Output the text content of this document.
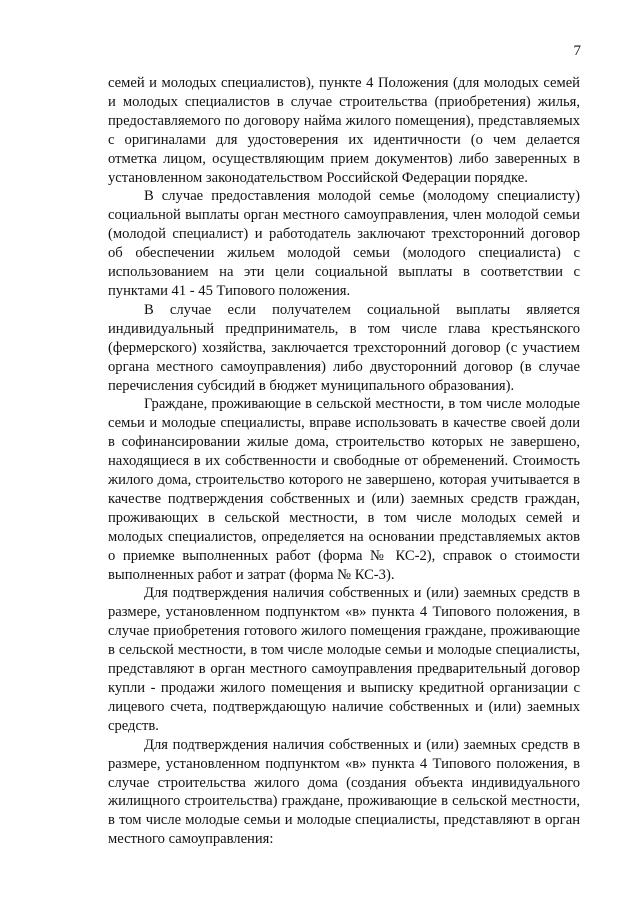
7

семей и молодых специалистов), пункте 4 Положения (для молодых семей и молодых специалистов в случае строительства (приобретения) жилья, предоставляемого по договору найма жилого помещения), представляемых с оригиналами для удостоверения их идентичности (о чем делается отметка лицом, осуществляющим прием документов) либо заверенных в установленном законодательством Российской Федерации порядке.

В случае предоставления молодой семье (молодому специалисту) социальной выплаты орган местного самоуправления, член молодой семьи (молодой специалист) и работодатель заключают трехсторонний договор об обеспечении жильем молодой семьи (молодого специалиста) с использованием на эти цели социальной выплаты в соответствии с пунктами 41 - 45 Типового положения.

В случае если получателем социальной выплаты является индивидуальный предприниматель, в том числе глава крестьянского (фермерского) хозяйства, заключается трехсторонний договор (с участием органа местного самоуправления) либо двусторонний договор (в случае перечисления субсидий в бюджет муниципального образования).

Граждане, проживающие в сельской местности, в том числе молодые семьи и молодые специалисты, вправе использовать в качестве своей доли в софинансировании жилые дома, строительство которых не завершено, находящиеся в их собственности и свободные от обременений. Стоимость жилого дома, строительство которого не завершено, которая учитывается в качестве подтверждения собственных и (или) заемных средств граждан, проживающих в сельской местности, в том числе молодых семей и молодых специалистов, определяется на основании представляемых актов о приемке выполненных работ (форма № КС-2), справок о стоимости выполненных работ и затрат (форма № КС-3).

Для подтверждения наличия собственных и (или) заемных средств в размере, установленном подпунктом «в» пункта 4 Типового положения, в случае приобретения готового жилого помещения граждане, проживающие в сельской местности, в том числе молодые семьи и молодые специалисты, представляют в орган местного самоуправления предварительный договор купли - продажи жилого помещения и выписку кредитной организации с лицевого счета, подтверждающую наличие собственных и (или) заемных средств.

Для подтверждения наличия собственных и (или) заемных средств в размере, установленном подпунктом «в» пункта 4 Типового положения, в случае строительства жилого дома (создания объекта индивидуального жилищного строительства) граждане, проживающие в сельской местности, в том числе молодые семьи и молодые специалисты, представляют в орган местного самоуправления:
